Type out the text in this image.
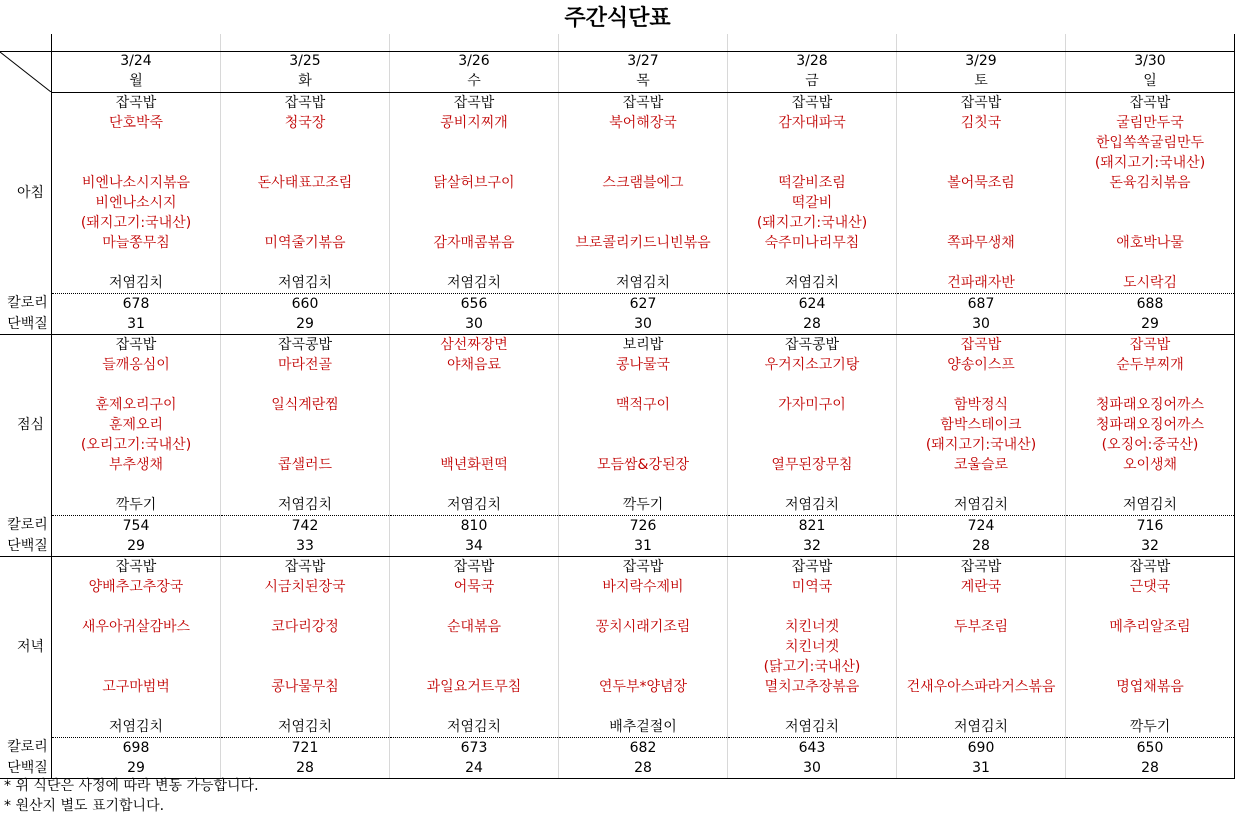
주간식단표

	3/24	3/25	3/26	3/27	3/28	3/29	3/30
	월	화	수	목	금	토	일
아침	잡곡밥	잡곡밥	잡곡밥	잡곡밥	잡곡밥	잡곡밥	잡곡밥
	단호박죽	청국장	콩비지찌개	북어해장국	감자대파국	김칫국	굴림만두국
							한입쏙쏙굴림만두
							(돼지고기:국내산)
	비엔나소시지볶음	돈사태표고조림	닭살허브구이	스크램블에그	떡갈비조림	볼어묵조림	돈육김치볶음
	비엔나소시지				떡갈비		
	(돼지고기:국내산)				(돼지고기:국내산)		
	마늘쫑무침	미역줄기볶음	감자매콤볶음	브로콜리키드니빈볶음	숙주미나리무침	쪽파무생채	애호박나물

	저염김치	저염김치	저염김치	저염김치	저염김치	건파래자반	도시락김
칼로리	678	660	656	627	624	687	688
단백질	31	29	30	30	28	30	29
점심	잡곡밥	잡곡콩밥	삼선짜장면	보리밥	잡곡콩밥	잡곡밥	잡곡밥
	들깨옹심이	마라전골	야채음료	콩나물국	우거지소고기탕	양송이스프	순두부찌개

	훈제오리구이	일식계란찜		맥적구이	가자미구이	함박정식	청파래오징어까스
	훈제오리					함박스테이크	청파래오징어까스
	(오리고기:국내산)					(돼지고기:국내산)	(오징어:중국산)
	부추생채	콥샐러드	백년화편떡	모듬쌈&강된장	열무된장무침	코울슬로	오이생채

	깍두기	저염김치	저염김치	깍두기	저염김치	저염김치	저염김치
칼로리	754	742	810	726	821	724	716
단백질	29	33	34	31	32	28	32
저녁	잡곡밥	잡곡밥	잡곡밥	잡곡밥	잡곡밥	잡곡밥	잡곡밥
	양배추고추장국	시금치된장국	어묵국	바지락수제비	미역국	계란국	근댓국

	새우아귀살감바스	코다리강정	순대볶음	꽁치시래기조림	치킨너겟	두부조림	메추리알조림
					치킨너겟		
					(닭고기:국내산)		
	고구마범벅	콩나물무침	과일요거트무침	연두부*양념장	멸치고추장볶음	건새우아스파라거스볶음	명엽채볶음

	저염김치	저염김치	저염김치	배추겉절이	저염김치	저염김치	깍두기
칼로리	698	721	673	682	643	690	650
단백질	29	28	24	28	30	31	28
* 위 식단은 사정에 따라 변동 가능합니다.
* 원산지 별도 표기합니다.
